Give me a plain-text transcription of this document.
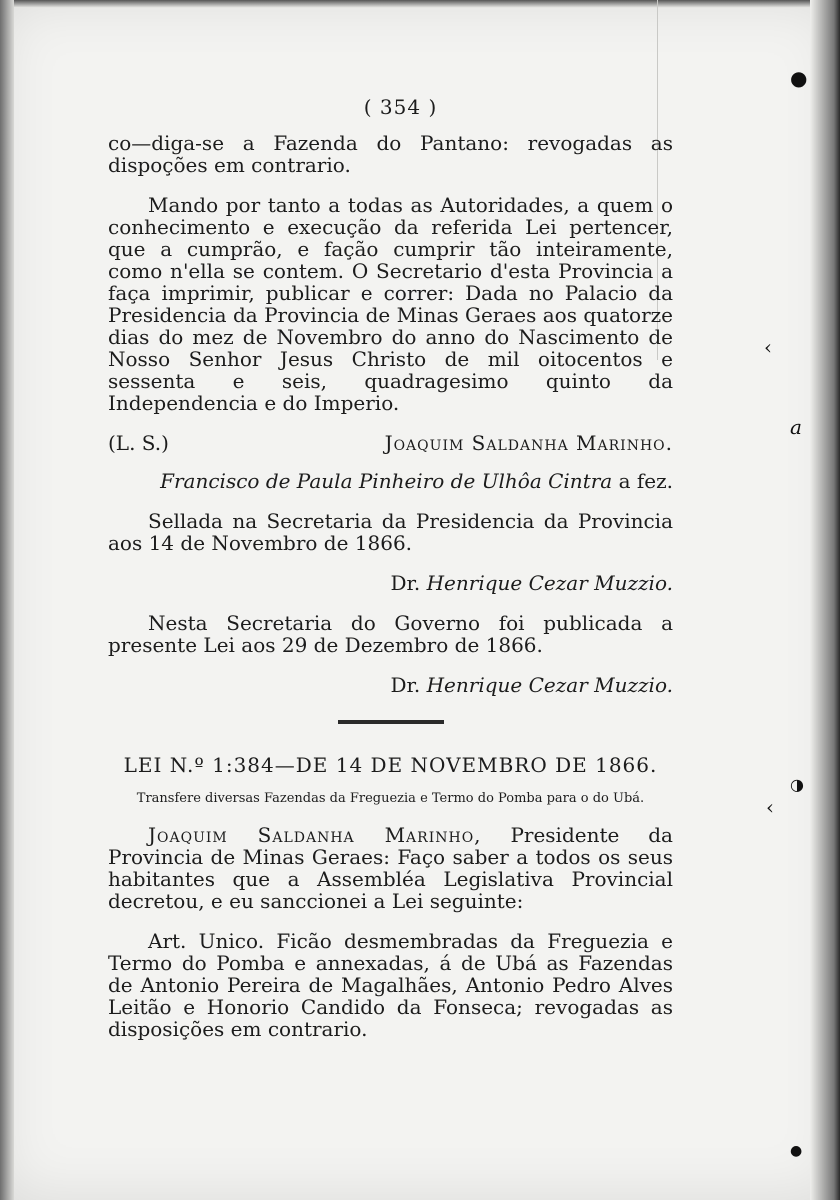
●
‹
a
◑
‹
●
( 354 )

co—diga-se a Fazenda do Pantano: revogadas as dispoções em contrario.

Mando por tanto a todas as Autoridades, a quem o conhecimento e execução da referida Lei pertencer, que a cumprão, e fação cumprir tão inteiramente, como n'ella se contem. O Secretario d'esta Provincia a faça imprimir, publicar e correr: Dada no Palacio da Presidencia da Provincia de Minas Geraes aos quatorze dias do mez de Novembro do anno do Nascimento de Nosso Senhor Jesus Christo de mil oitocentos e sessenta e seis, quadragesimo quinto da Independencia e do Imperio.

(L. S.)	Joaquim Saldanha Marinho.

Francisco de Paula Pinheiro de Ulhôa Cintra a fez.

Sellada na Secretaria da Presidencia da Provincia aos 14 de Novembro de 1866.

Dr. Henrique Cezar Muzzio.

Nesta Secretaria do Governo foi publicada a presente Lei aos 29 de Dezembro de 1866.

Dr. Henrique Cezar Muzzio.

LEI N.º 1:384—DE 14 DE NOVEMBRO DE 1866.
Transfere diversas Fazendas da Freguezia e Termo do Pomba para o do Ubá.

Joaquim Saldanha Marinho, Presidente da Provincia de Minas Geraes: Faço saber a todos os seus habitantes que a Assembléa Legislativa Provincial decretou, e eu sanccionei a Lei seguinte:

Art. Unico. Ficão desmembradas da Freguezia e Termo do Pomba e annexadas, á de Ubá as Fazendas de Antonio Pereira de Magalhães, Antonio Pedro Alves Leitão e Honorio Candido da Fonseca; revogadas as disposições em contrario.
